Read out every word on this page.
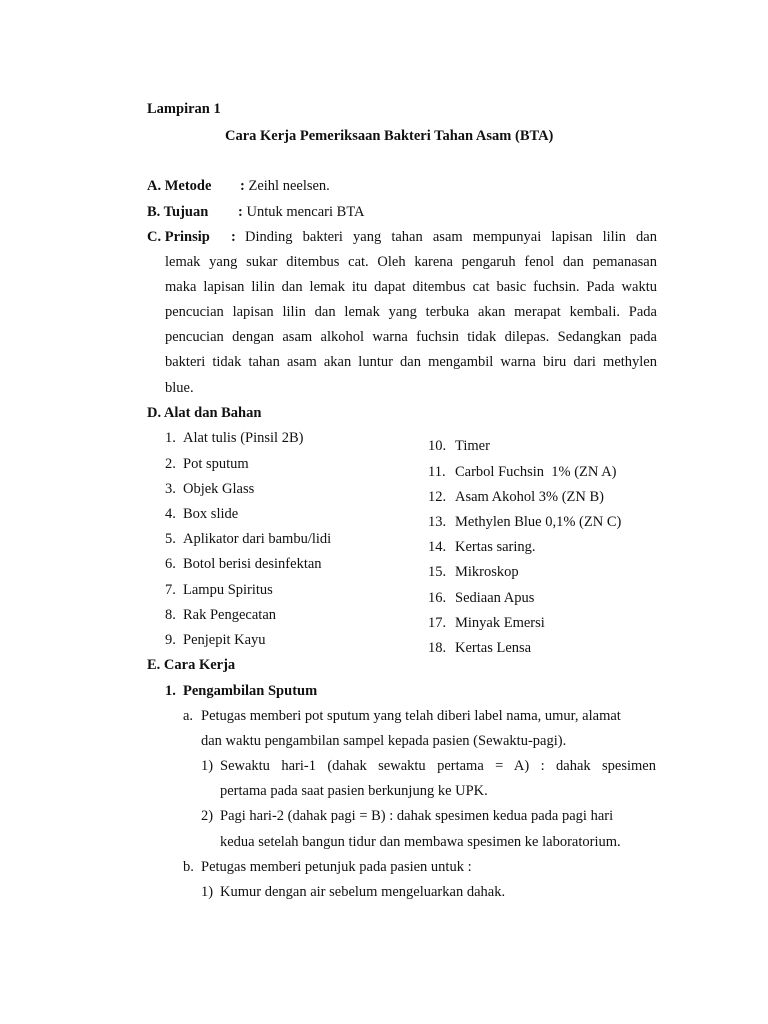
Lampiran 1
Cara Kerja Pemeriksaan Bakteri Tahan Asam (BTA)
A. Metode : Zeihl neelsen.
B. Tujuan : Untuk mencari BTA
C. Prinsip : Dinding bakteri yang tahan asam mempunyai lapisan lilin dan
lemak yang sukar ditembus cat. Oleh karena pengaruh fenol dan pemanasan
maka lapisan lilin dan lemak itu dapat ditembus cat basic fuchsin. Pada waktu
pencucian lapisan lilin dan lemak yang terbuka akan merapat kembali. Pada
pencucian dengan asam alkohol warna fuchsin tidak dilepas. Sedangkan pada
bakteri tidak tahan asam akan luntur dan mengambil warna biru dari methylen
blue.
D. Alat dan Bahan
1. Alat tulis (Pinsil 2B)
2. Pot sputum
3. Objek Glass
4. Box slide
5. Aplikator dari bambu/lidi
6. Botol berisi desinfektan
7. Lampu Spiritus
8. Rak Pengecatan
9. Penjepit Kayu
10. Timer
11. Carbol Fuchsin  1% (ZN A)
12. Asam Akohol 3% (ZN B)
13. Methylen Blue 0,1% (ZN C)
14. Kertas saring.
15. Mikroskop
16. Sediaan Apus
17. Minyak Emersi
18. Kertas Lensa
E. Cara Kerja
1. Pengambilan Sputum
a. Petugas memberi pot sputum yang telah diberi label nama, umur, alamat
dan waktu pengambilan sampel kepada pasien (Sewaktu-pagi).
1) Sewaktu hari-1 (dahak sewaktu pertama = A) : dahak spesimen
pertama pada saat pasien berkunjung ke UPK.
2) Pagi hari-2 (dahak pagi = B) : dahak spesimen kedua pada pagi hari
kedua setelah bangun tidur dan membawa spesimen ke laboratorium.
b. Petugas memberi petunjuk pada pasien untuk :
1) Kumur dengan air sebelum mengeluarkan dahak.
